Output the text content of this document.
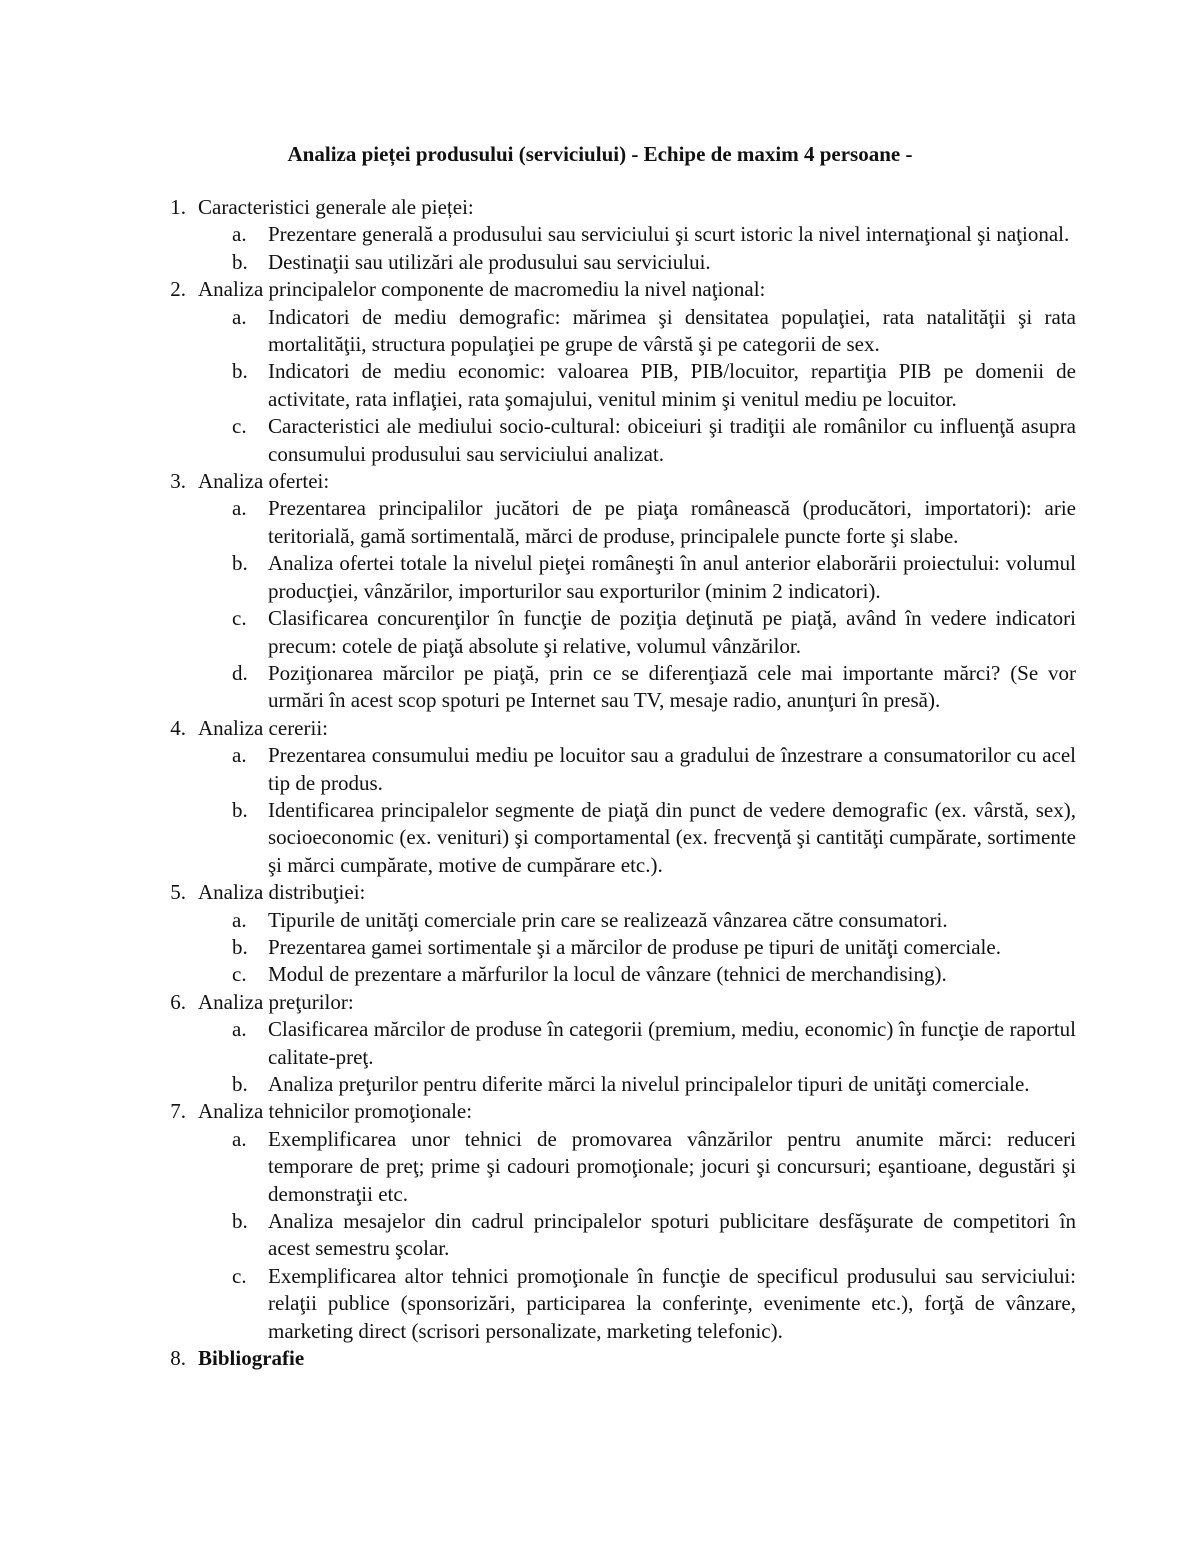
Analiza pieței produsului (serviciului) - Echipe de maxim 4 persoane -
1. Caracteristici generale ale pieței:
a. Prezentare generală a produsului sau serviciului şi scurt istoric la nivel internaţional şi naţional.
b. Destinaţii sau utilizări ale produsului sau serviciului.
2. Analiza principalelor componente de macromediu la nivel naţional:
a. Indicatori de mediu demografic: mărimea şi densitatea populaţiei, rata natalităţii şi rata mortalităţii, structura populaţiei pe grupe de vârstă şi pe categorii de sex.
b. Indicatori de mediu economic: valoarea PIB, PIB/locuitor, repartiţia PIB pe domenii de activitate, rata inflaţiei, rata şomajului, venitul minim şi venitul mediu pe locuitor.
c. Caracteristici ale mediului socio-cultural: obiceiuri şi tradiţii ale românilor cu influenţă asupra consumului produsului sau serviciului analizat.
3. Analiza ofertei:
a. Prezentarea principalilor jucători de pe piaţa românească (producători, importatori): arie teritorială, gamă sortimentală, mărci de produse, principalele puncte forte şi slabe.
b. Analiza ofertei totale la nivelul pieţei româneşti în anul anterior elaborării proiectului: volumul producţiei, vânzărilor, importurilor sau exporturilor (minim 2 indicatori).
c. Clasificarea concurenţilor în funcţie de poziţia deţinută pe piaţă, având în vedere indicatori precum: cotele de piaţă absolute şi relative, volumul vânzărilor.
d. Poziţionarea mărcilor pe piaţă, prin ce se diferenţiază cele mai importante mărci? (Se vor urmări în acest scop spoturi pe Internet sau TV, mesaje radio, anunţuri în presă).
4. Analiza cererii:
a. Prezentarea consumului mediu pe locuitor sau a gradului de înzestrare a consumatorilor cu acel tip de produs.
b. Identificarea principalelor segmente de piaţă din punct de vedere demografic (ex. vârstă, sex), socioeconomic (ex. venituri) şi comportamental (ex. frecvenţă şi cantităţi cumpărate, sortimente şi mărci cumpărate, motive de cumpărare etc.).
5. Analiza distribuţiei:
a. Tipurile de unităţi comerciale prin care se realizează vânzarea către consumatori.
b. Prezentarea gamei sortimentale şi a mărcilor de produse pe tipuri de unităţi comerciale.
c. Modul de prezentare a mărfurilor la locul de vânzare (tehnici de merchandising).
6. Analiza preţurilor:
a. Clasificarea mărcilor de produse în categorii (premium, mediu, economic) în funcţie de raportul calitate-preţ.
b. Analiza preţurilor pentru diferite mărci la nivelul principalelor tipuri de unităţi comerciale.
7. Analiza tehnicilor promoţionale:
a. Exemplificarea unor tehnici de promovarea vânzărilor pentru anumite mărci: reduceri temporare de preţ; prime şi cadouri promoţionale; jocuri şi concursuri; eşantioane, degustări şi demonstraţii etc.
b. Analiza mesajelor din cadrul principalelor spoturi publicitare desfăşurate de competitori în acest semestru şcolar.
c. Exemplificarea altor tehnici promoţionale în funcţie de specificul produsului sau serviciului: relaţii publice (sponsorizări, participarea la conferinţe, evenimente etc.), forţă de vânzare, marketing direct (scrisori personalizate, marketing telefonic).
8. Bibliografie
